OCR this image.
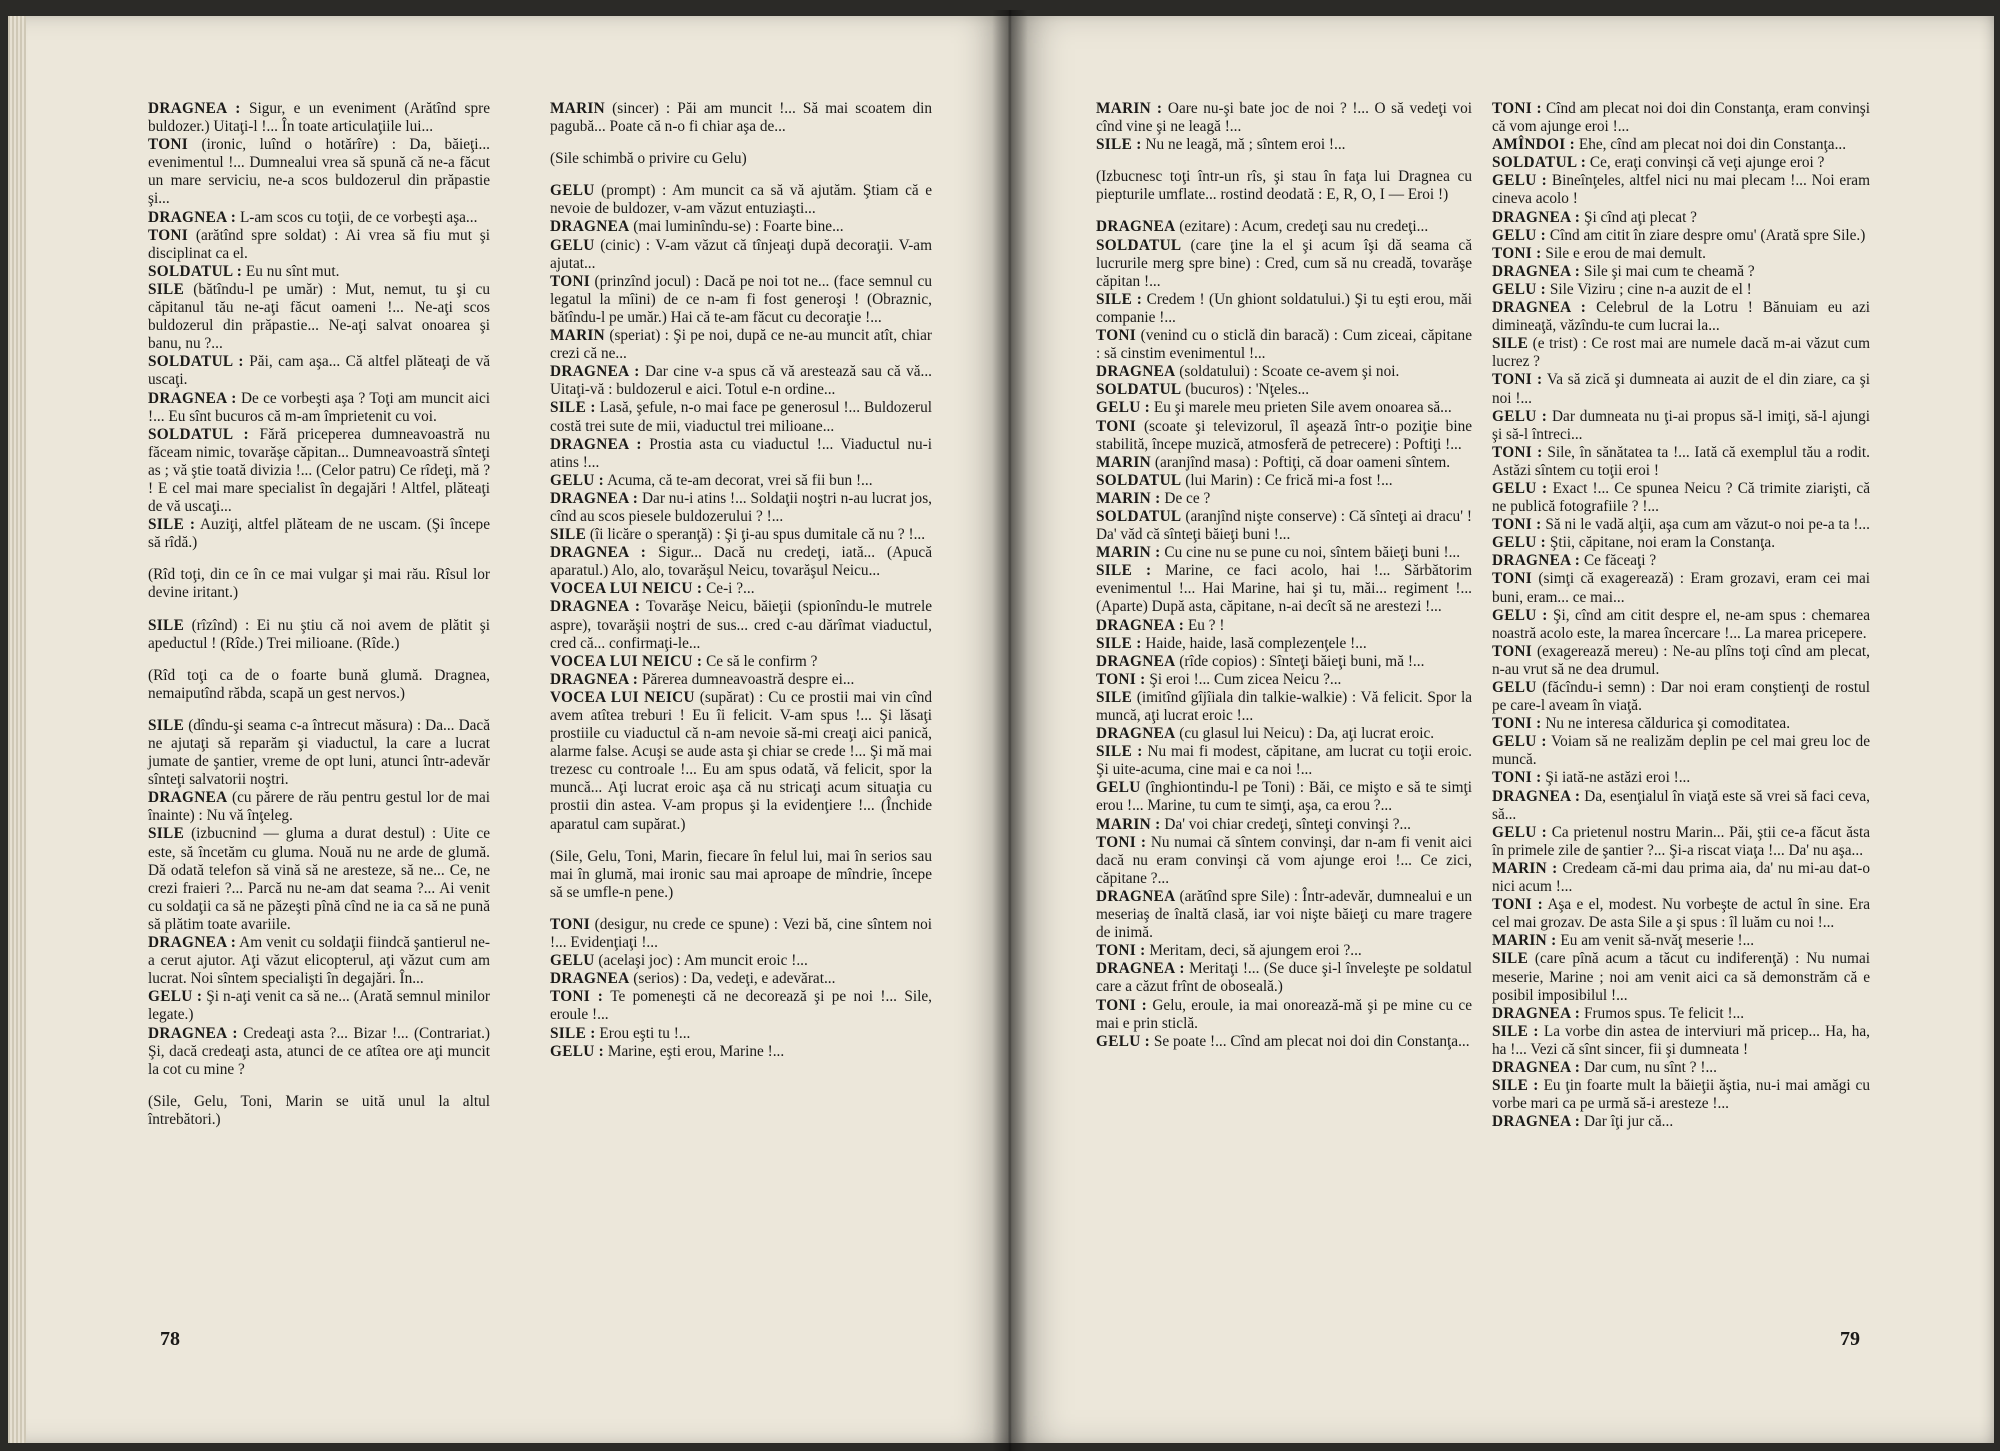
DRAGNEA : Sigur, e un eveniment (Arătînd spre buldozer.) Uitaţi-l !... În toate articulaţiile lui...

TONI (ironic, luînd o hotărîre) : Da, băieţi... evenimentul !... Dumnealui vrea să spună că ne-a făcut un mare serviciu, ne-a scos buldozerul din prăpastie şi...

DRAGNEA : L-am scos cu toţii, de ce vorbeşti aşa...

TONI (arătînd spre soldat) : Ai vrea să fiu mut şi disciplinat ca el.

SOLDATUL : Eu nu sînt mut.

SILE (bătîndu-l pe umăr) : Mut, nemut, tu şi cu căpitanul tău ne-aţi făcut oameni !... Ne-aţi scos buldozerul din prăpastie... Ne-aţi salvat onoarea şi banu, nu ?...

SOLDATUL : Păi, cam aşa... Că altfel plăteaţi de vă uscaţi.

DRAGNEA : De ce vorbeşti aşa ? Toţi am muncit aici !... Eu sînt bucuros că m-am împrietenit cu voi.

SOLDATUL : Fără priceperea dumneavoastră nu făceam nimic, tovarăşe căpitan... Dumneavoastră sînteţi as ; vă ştie toată divizia !... (Celor patru) Ce rîdeţi, mă ? ! E cel mai mare specialist în degajări ! Altfel, plăteaţi de vă uscaţi...

SILE : Auziţi, altfel plăteam de ne uscam. (Şi începe să rîdă.)

(Rîd toţi, din ce în ce mai vulgar şi mai rău. Rîsul lor devine iritant.)

SILE (rîzînd) : Ei nu ştiu că noi avem de plătit şi apeductul ! (Rîde.) Trei milioane. (Rîde.)

(Rîd toţi ca de o foarte bună glumă. Dragnea, nemaiputînd răbda, scapă un gest nervos.)

SILE (dîndu-şi seama c-a întrecut măsura) : Da... Dacă ne ajutaţi să reparăm şi viaductul, la care a lucrat jumate de şantier, vreme de opt luni, atunci într-adevăr sînteţi salvatorii noştri.

DRAGNEA (cu părere de rău pentru gestul lor de mai înainte) : Nu vă înţeleg.

SILE (izbucnind — gluma a durat destul) : Uite ce este, să încetăm cu gluma. Nouă nu ne arde de glumă. Dă odată telefon să vină să ne aresteze, să ne... Ce, ne crezi fraieri ?... Parcă nu ne-am dat seama ?... Ai venit cu soldaţii ca să ne păzeşti pînă cînd ne ia ca să ne pună să plătim toate avariile.

DRAGNEA : Am venit cu soldaţii fiindcă şantierul ne-a cerut ajutor. Aţi văzut elicopterul, aţi văzut cum am lucrat. Noi sîntem specialişti în degajări. În...

GELU : Şi n-aţi venit ca să ne... (Arată semnul minilor legate.)

DRAGNEA : Credeaţi asta ?... Bizar !... (Contrariat.) Şi, dacă credeaţi asta, atunci de ce atîtea ore aţi muncit la cot cu mine ?

(Sile, Gelu, Toni, Marin se uită unul la altul întrebători.)

MARIN (sincer) : Păi am muncit !... Să mai scoatem din pagubă... Poate că n-o fi chiar aşa de...

(Sile schimbă o privire cu Gelu)

GELU (prompt) : Am muncit ca să vă ajutăm. Ştiam că e nevoie de buldozer, v-am văzut entuziaşti...

DRAGNEA (mai luminîndu-se) : Foarte bine...

GELU (cinic) : V-am văzut că tînjeaţi după decoraţii. V-am ajutat...

TONI (prinzînd jocul) : Dacă pe noi tot ne... (face semnul cu legatul la mîini) de ce n-am fi fost generoşi ! (Obraznic, bătîndu-l pe umăr.) Hai că te-am făcut cu decoraţie !...

MARIN (speriat) : Şi pe noi, după ce ne-au muncit atît, chiar crezi că ne...

DRAGNEA : Dar cine v-a spus că vă arestează sau că vă... Uitaţi-vă : buldozerul e aici. Totul e-n ordine...

SILE : Lasă, şefule, n-o mai face pe generosul !... Buldozerul costă trei sute de mii, viaductul trei milioane...

DRAGNEA : Prostia asta cu viaductul !... Viaductul nu-i atins !...

GELU : Acuma, că te-am decorat, vrei să fii bun !...

DRAGNEA : Dar nu-i atins !... Soldaţii noştri n-au lucrat jos, cînd au scos piesele buldozerului ? !...

SILE (îi licăre o speranţă) : Şi ţi-au spus dumitale că nu ? !...

DRAGNEA : Sigur... Dacă nu credeţi, iată... (Apucă aparatul.) Alo, alo, tovarăşul Neicu, tovarăşul Neicu...

VOCEA LUI NEICU : Ce-i ?...

DRAGNEA : Tovarăşe Neicu, băieţii (spionîndu-le mutrele aspre), tovarăşii noştri de sus... cred c-au dărîmat viaductul, cred că... confirmaţi-le...

VOCEA LUI NEICU : Ce să le confirm ?

DRAGNEA : Părerea dumneavoastră despre ei...

VOCEA LUI NEICU (supărat) : Cu ce prostii mai vin cînd avem atîtea treburi ! Eu îi felicit. V-am spus !... Şi lăsaţi prostiile cu viaductul că n-am nevoie să-mi creaţi aici panică, alarme false. Acuşi se aude asta şi chiar se crede !... Şi mă mai trezesc cu controale !... Eu am spus odată, vă felicit, spor la muncă... Aţi lucrat eroic aşa că nu stricaţi acum situaţia cu prostii din astea. V-am propus şi la evidenţiere !... (Închide aparatul cam supărat.)

(Sile, Gelu, Toni, Marin, fiecare în felul lui, mai în serios sau mai în glumă, mai ironic sau mai aproape de mîndrie, începe să se umfle-n pene.)

TONI (desigur, nu crede ce spune) : Vezi bă, cine sîntem noi !... Evidenţiaţi !...

GELU (acelaşi joc) : Am muncit eroic !...

DRAGNEA (serios) : Da, vedeţi, e adevărat...

TONI : Te pomeneşti că ne decorează şi pe noi !... Sile, eroule !...

SILE : Erou eşti tu !...

GELU : Marine, eşti erou, Marine !...

MARIN : Oare nu-şi bate joc de noi ? !... O să vedeţi voi cînd vine şi ne leagă !...

SILE : Nu ne leagă, mă ; sîntem eroi !...

(Izbucnesc toţi într-un rîs, şi stau în faţa lui Dragnea cu piepturile umflate... rostind deodată : E, R, O, I — Eroi !)

DRAGNEA (ezitare) : Acum, credeţi sau nu credeţi...

SOLDATUL (care ţine la el şi acum îşi dă seama că lucrurile merg spre bine) : Cred, cum să nu creadă, tovarăşe căpitan !...

SILE : Credem ! (Un ghiont soldatului.) Şi tu eşti erou, măi companie !...

TONI (venind cu o sticlă din baracă) : Cum ziceai, căpitane : să cinstim evenimentul !...

DRAGNEA (soldatului) : Scoate ce-avem şi noi.

SOLDATUL (bucuros) : 'Nţeles...

GELU : Eu şi marele meu prieten Sile avem onoarea să...

TONI (scoate şi televizorul, îl aşează într-o poziţie bine stabilită, începe muzică, atmosferă de petrecere) : Poftiţi !...

MARIN (aranjînd masa) : Poftiţi, că doar oameni sîntem.

SOLDATUL (lui Marin) : Ce frică mi-a fost !...

MARIN : De ce ?

SOLDATUL (aranjînd nişte conserve) : Că sînteţi ai dracu' ! Da' văd că sînteţi băieţi buni !...

MARIN : Cu cine nu se pune cu noi, sîntem băieţi buni !...

SILE : Marine, ce faci acolo, hai !... Sărbătorim evenimentul !... Hai Marine, hai şi tu, măi... regiment !... (Aparte) După asta, căpitane, n-ai decît să ne arestezi !...

DRAGNEA : Eu ? !

SILE : Haide, haide, lasă complezenţele !...

DRAGNEA (rîde copios) : Sînteţi băieţi buni, mă !...

TONI : Şi eroi !... Cum zicea Neicu ?...

SILE (imitînd gîjîiala din talkie-walkie) : Vă felicit. Spor la muncă, aţi lucrat eroic !...

DRAGNEA (cu glasul lui Neicu) : Da, aţi lucrat eroic.

SILE : Nu mai fi modest, căpitane, am lucrat cu toţii eroic. Şi uite-acuma, cine mai e ca noi !...

GELU (înghiontindu-l pe Toni) : Băi, ce mişto e să te simţi erou !... Marine, tu cum te simţi, aşa, ca erou ?...

MARIN : Da' voi chiar credeţi, sînteţi convinşi ?...

TONI : Nu numai că sîntem convinşi, dar n-am fi venit aici dacă nu eram convinşi că vom ajunge eroi !... Ce zici, căpitane ?...

DRAGNEA (arătînd spre Sile) : Într-adevăr, dumnealui e un meseriaş de înaltă clasă, iar voi nişte băieţi cu mare tragere de inimă.

TONI : Meritam, deci, să ajungem eroi ?...

DRAGNEA : Meritaţi !... (Se duce şi-l înveleşte pe soldatul care a căzut frînt de oboseală.)

TONI : Gelu, eroule, ia mai onorează-mă şi pe mine cu ce mai e prin sticlă.

GELU : Se poate !... Cînd am plecat noi doi din Constanţa...

TONI : Cînd am plecat noi doi din Constanţa, eram convinşi că vom ajunge eroi !...

AMÎNDOI : Ehe, cînd am plecat noi doi din Constanţa...

SOLDATUL : Ce, eraţi convinşi că veţi ajunge eroi ?

GELU : Bineînţeles, altfel nici nu mai plecam !... Noi eram cineva acolo !

DRAGNEA : Şi cînd aţi plecat ?

GELU : Cînd am citit în ziare despre omu' (Arată spre Sile.)

TONI : Sile e erou de mai demult.

DRAGNEA : Sile şi mai cum te cheamă ?

GELU : Sile Viziru ; cine n-a auzit de el !

DRAGNEA : Celebrul de la Lotru ! Bănuiam eu azi dimineaţă, văzîndu-te cum lucrai la...

SILE (e trist) : Ce rost mai are numele dacă m-ai văzut cum lucrez ?

TONI : Va să zică şi dumneata ai auzit de el din ziare, ca şi noi !...

GELU : Dar dumneata nu ţi-ai propus să-l imiţi, să-l ajungi şi să-l întreci...

TONI : Sile, în sănătatea ta !... Iată că exemplul tău a rodit. Astăzi sîntem cu toţii eroi !

GELU : Exact !... Ce spunea Neicu ? Că trimite ziarişti, că ne publică fotografiile ? !...

TONI : Să ni le vadă alţii, aşa cum am văzut-o noi pe-a ta !...

GELU : Ştii, căpitane, noi eram la Constanţa.

DRAGNEA : Ce făceaţi ?

TONI (simţi că exagerează) : Eram grozavi, eram cei mai buni, eram... ce mai...

GELU : Şi, cînd am citit despre el, ne-am spus : chemarea noastră acolo este, la marea încercare !... La marea pricepere.

TONI (exagerează mereu) : Ne-au plîns toţi cînd am plecat, n-au vrut să ne dea drumul.

GELU (făcîndu-i semn) : Dar noi eram conştienţi de rostul pe care-l aveam în viaţă.

TONI : Nu ne interesa căldurica şi comoditatea.

GELU : Voiam să ne realizăm deplin pe cel mai greu loc de muncă.

TONI : Şi iată-ne astăzi eroi !...

DRAGNEA : Da, esenţialul în viaţă este să vrei să faci ceva, să...

GELU : Ca prietenul nostru Marin... Păi, ştii ce-a făcut ăsta în primele zile de şantier ?... Şi-a riscat viaţa !... Da' nu aşa...

MARIN : Credeam că-mi dau prima aia, da' nu mi-au dat-o nici acum !...

TONI : Aşa e el, modest. Nu vorbeşte de actul în sine. Era cel mai grozav. De asta Sile a şi spus : îl luăm cu noi !...

MARIN : Eu am venit să-nvăţ meserie !...

SILE (care pînă acum a tăcut cu indiferenţă) : Nu numai meserie, Marine ; noi am venit aici ca să demonstrăm că e posibil imposibilul !...

DRAGNEA : Frumos spus. Te felicit !...

SILE : La vorbe din astea de interviuri mă pricep... Ha, ha, ha !... Vezi că sînt sincer, fii şi dumneata !

DRAGNEA : Dar cum, nu sînt ? !...

SILE : Eu ţin foarte mult la băieţii ăştia, nu-i mai amăgi cu vorbe mari ca pe urmă să-i aresteze !...

DRAGNEA : Dar îţi jur că...

78	79
